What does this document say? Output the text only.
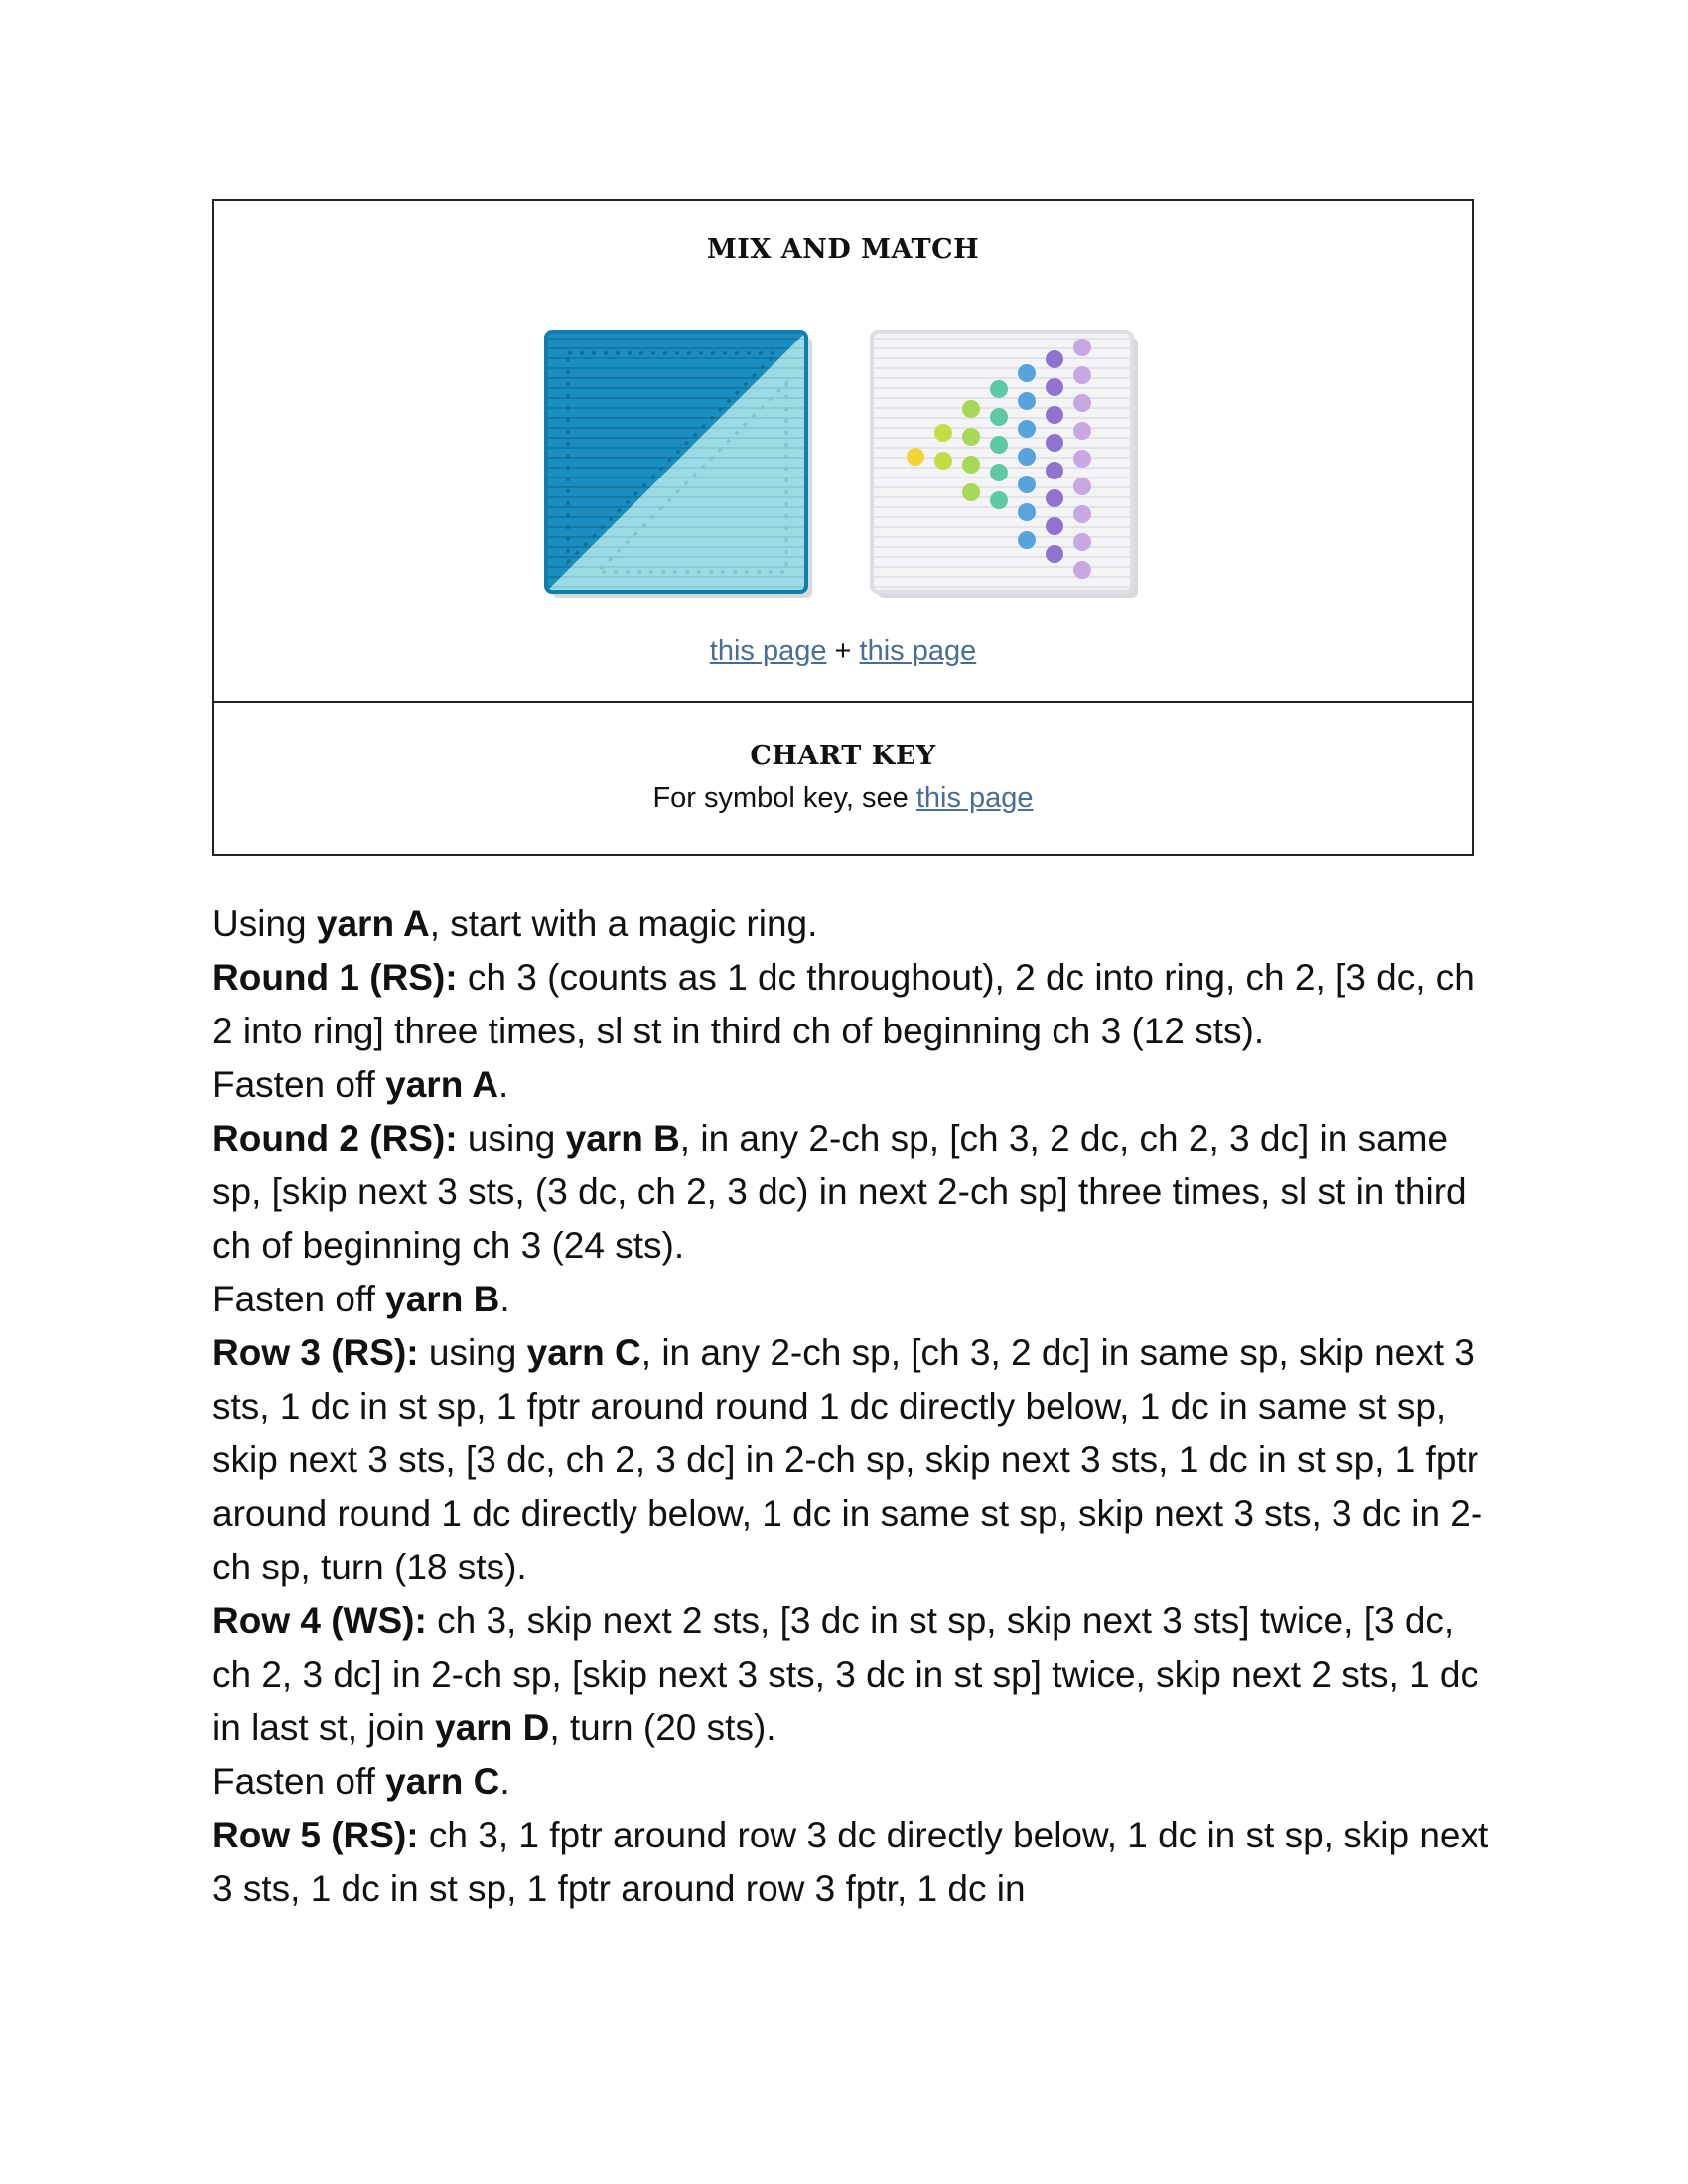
MIX AND MATCH
this page + this page
CHART KEY
For symbol key, see this page

Using yarn A, start with a magic ring.

Round 1 (RS): ch 3 (counts as 1 dc throughout), 2 dc into ring, ch 2, [3 dc, ch 2 into ring] three times, sl st in third ch of beginning ch 3 (12 sts).

Fasten off yarn A.

Round 2 (RS): using yarn B, in any 2-ch sp, [ch 3, 2 dc, ch 2, 3 dc] in same sp, [skip next 3 sts, (3 dc, ch 2, 3 dc) in next 2-ch sp] three times, sl st in third ch of beginning ch 3 (24 sts).

Fasten off yarn B.

Row 3 (RS): using yarn C, in any 2-ch sp, [ch 3, 2 dc] in same sp, skip next 3 sts, 1 dc in st sp, 1 fptr around round 1 dc directly below, 1 dc in same st sp, skip next 3 sts, [3 dc, ch 2, 3 dc] in 2-ch sp, skip next 3 sts, 1 dc in st sp, 1 fptr around round 1 dc directly below, 1 dc in same st sp, skip next 3 sts, 3 dc in 2-ch sp, turn (18 sts).

Row 4 (WS): ch 3, skip next 2 sts, [3 dc in st sp, skip next 3 sts] twice, [3 dc, ch 2, 3 dc] in 2-ch sp, [skip next 3 sts, 3 dc in st sp] twice, skip next 2 sts, 1 dc in last st, join yarn D, turn (20 sts).

Fasten off yarn C.

Row 5 (RS): ch 3, 1 fptr around row 3 dc directly below, 1 dc in st sp, skip next 3 sts, 1 dc in st sp, 1 fptr around row 3 fptr, 1 dc in
